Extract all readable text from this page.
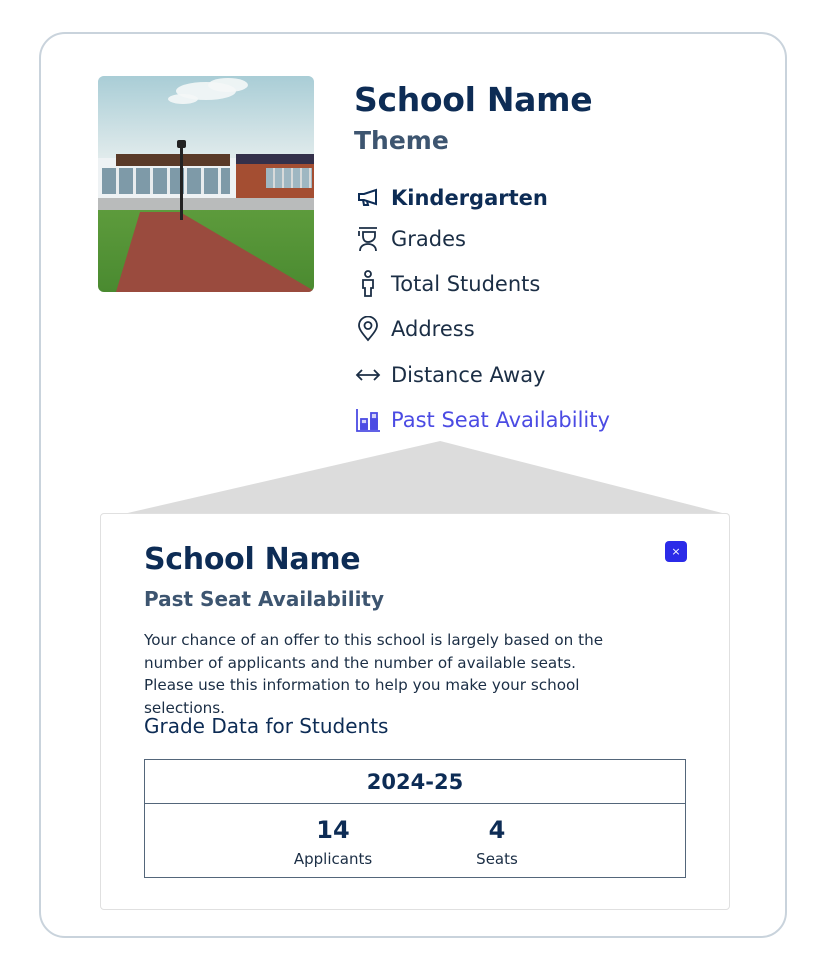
School Name
Theme
Kindergarten
Grades
Total Students
Address
Distance Away
Past Seat Availability
School Name
Past Seat Availability
×

Your chance of an offer to this school is largely based on the number of applicants and the number of available seats. Please use this information to help you make your school selections.

Grade Data for Students
2024-25
14
Applicants
4
Seats
